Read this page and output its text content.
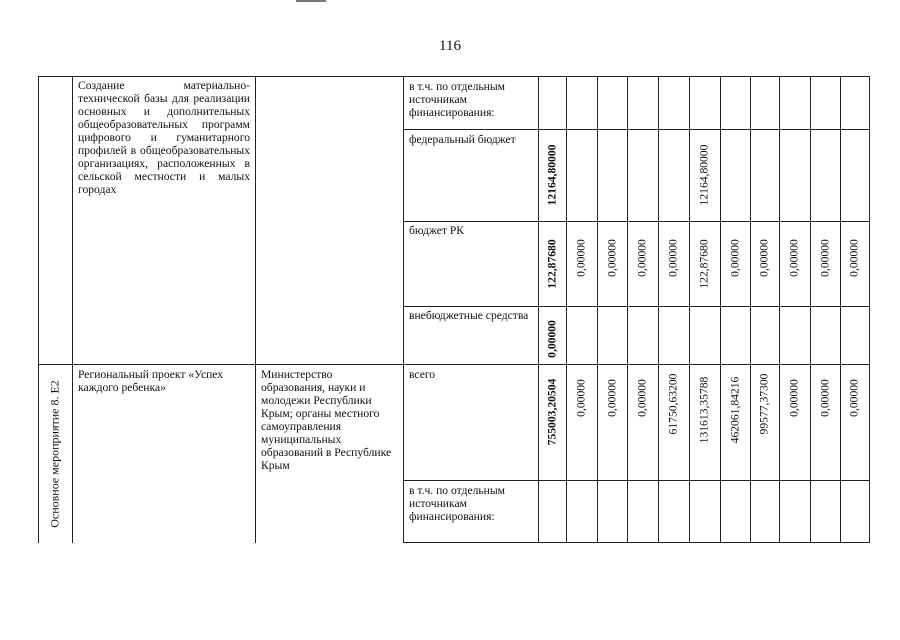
116
Создание материально-технической базы для реализации основных и дополнительных общеобразовательных программ цифрового и гуманитарного профилей в общеобразовательных организациях, расположенных в сельской местности и малых городах
в т.ч. по отдельным источникам финансирования:
федеральный бюджет
бюджет РК
внебюджетные средства
12164,80000	12164,80000
122,87680 0,00000 0,00000 0,00000 0,00000 122,87680 0,00000 0,00000 0,00000 0,00000 0,00000
0,00000
Основное мероприятие 8. Е2
Региональный проект «Успех каждого ребенка»
Министерство образования, науки и молодежи Республики Крым; органы местного самоуправления муниципальных образований в Республике Крым
всего
в т.ч. по отдельным источникам финансирования:
755003,20504 0,00000 0,00000 0,00000 61750,63200 131613,35788 462061,84216 99577,37300 0,00000 0,00000 0,00000
